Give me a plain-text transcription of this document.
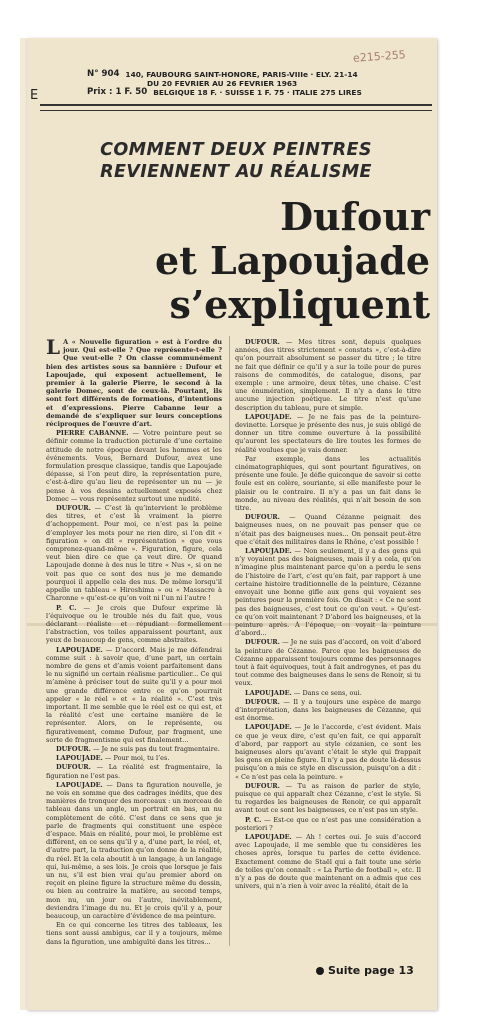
E
e215-255
N° 904 140, FAUBOURG SAINT-HONORE, PARIS-VIIIe · ELY. 21-14
DU 20 FEVRIER AU 26 FEVRIER 1963
Prix : 1 F. 50 BELGIQUE 18 F. · SUISSE 1 F. 75 · ITALIE 275 LIRES
COMMENT DEUX PEINTRES
REVIENNENT AU RÉALISME
Dufour
et Lapoujade
s’expliquent

L A « Nouvelle figuration » est à l’ordre du jour. Qui est-elle ? Que représente-t-elle ? Que veut-elle ? On classe communément bien des artistes sous sa bannière : Dufour et Lapoujade, qui exposent actuellement, le premier à la galerie Pierre, le second à la galerie Domec, sont de ceux-là. Pourtant, ils sont fort différents de formations, d’intentions et d’expressions. Pierre Cabanne leur a demandé de s’expliquer sur leurs conceptions réciproques de l’œuvre d’art.

PIERRE CABANNE. — Votre peinture peut se définir comme la traduction picturale d’une certaine attitude de notre époque devant les hommes et les événements. Vous, Bernard Dufour, avez une formulation presque classique, tandis que Lapoujade dépasse, si l’on peut dire, la représentation pure, c’est-à-dire qu’au lieu de représenter un nu — je pense à vos dessins actuellement exposés chez Domec — vous représentez surtout une nudité.

DUFOUR. — C’est là qu’intervient le problème des titres, et c’est là vraiment la pierre d’achoppement. Pour moi, ce n’est pas la peine d’employer les mots pour ne rien dire, si l’on dit « figuration » on dit « représentation » que vous comprenez-quand-même ». Figuration, figure, cela veut bien dire ce que ça veut dire. Or quand Lapoujade donne à des nus le titre « Nus », si on ne voit pas que ce sont des nus je me demande pourquoi il appelle cela des nus. De même lorsqu’il appelle un tableau « Hiroshima » ou « Massacre à Charonne » qu’est-ce qu’on voit ni l’un ni l’autre !

P. C. — Je crois que Dufour exprime là l’équivoque ou le trouble nés du fait que, vous déclarant réaliste et répudiant formellement l’abstraction, vos toiles apparaissent pourtant, aux yeux de beaucoup de gens, comme abstraites.

LAPOUJADE. — D’accord. Mais je me défendrai comme suit : à savoir que, d’une part, un certain nombre de gens et d’amis voient parfaitement dans le nu signifié un certain réalisme particulier... Ce qui m’amène à préciser tout de suite qu’il y a pour moi une grande différence entre ce qu’on pourrait appeler « le réel » et « la réalité ». C’est très important. Il me semble que le réel est ce qui est, et la réalité c’est une certaine manière de le représenter. Alors, on le représente, ou figurativement, comme Dufour, par fragment, une sorte de fragmentisme qui est finalement...

DUFOUR. — Je ne suis pas du tout fragmentaire.

LAPOUJADE. — Pour moi, tu l’es.

DUFOUR. — La réalité est fragmentaire, la figuration ne l’est pas.

LAPOUJADE. — Dans ta figuration nouvelle, je ne vois en somme que des cadrages inédits, que des manières de tronquer des morceaux : un morceau de tableau dans un angle, un portrait en bas, un nu complètement de côté. C’est dans ce sens que je parle de fragments qui constituent une espèce d’espace. Mais en réalité, pour moi, le problème est différent, en ce sens qu’il y a, d’une part, le réel, et, d’autre part, la traduction qu’on donne de la réalité, du réel. Et la cela aboutit à un langage, à un langage qui, lui-même, a ses lois. Je crois que lorsque je fais un nu, s’il est bien vrai qu’au premier abord on reçoit en pleine figure la structure même du dessin, ou bien au contraire la matière, au second temps, mon nu, un jour ou l’autre, inévitablement, deviendra l’image du nu. Et je crois qu’il y a, pour beaucoup, un caractère d’évidence de ma peinture.

En ce qui concerne les titres des tableaux, les tiens sont aussi ambigus, car il y a toujours, même dans la figuration, une ambiguïté dans les titres...

DUFOUR. — Mes titres sont, depuis quelques années, des titres strictement « constats », c’est-à-dire qu’on pourrait absolument se passer du titre ; le titre ne fait que définir ce qu’il y a sur la toile pour de pures raisons de commodités, de catalogue, disons, par exemple : une armoire, deux têtes, une chaise. C’est une énumération, simplement. Il n’y a dans le titre aucune injection poétique. Le titre n’est qu’une description du tableau, pure et simple.

LAPOUJADE. — Je ne fais pas de la peinture-devinette. Lorsque je présente des nus, je suis obligé de donner un titre comme ouverture à la possibilité qu’auront les spectateurs de lire toutes les formes de réalité voulues que je vais donner.

Par exemple, dans les actualités cinématographiques, qui sont pourtant figuratives, on présente une foule. Je défie quiconque de savoir si cette foule est en colère, souriante, si elle manifeste pour le plaisir ou le contraire. Il n’y a pas un fait dans le monde, au niveau des réalités, qui n’ait besoin de son titre.

DUFOUR. — Quand Cézanne peignait des baigneuses nues, on ne pouvait pas penser que ce n’était pas des baigneuses nues... On pensait peut-être que c’était des militaires dans le Rhône, c’est possible !

LAPOUJADE. — Non seulement, il y a des gens qui n’y voyaient pas des baigneuses, mais il y a cela, qu’on n’imagine plus maintenant parce qu’on a perdu le sens de l’histoire de l’art, c’est qu’en fait, par rapport à une certaine histoire traditionnelle de la peinture, Cézanne envoyait une bonne gifle aux gens qui voyaient ses peintures pour la première fois. On disait : « Ce ne sont pas des baigneuses, c’est tout ce qu’on veut. » Qu’est-ce qu’on voit maintenant ? D’abord les baigneuses, et la peinture après. À l’époque, on voyait la peinture d’abord...

DUFOUR. — Je ne suis pas d’accord, on voit d’abord la peinture de Cézanne. Parce que les baigneuses de Cézanne apparaissent toujours comme des personnages tout à fait équivoques, tout à fait androgynes, et pas du tout comme des baigneuses dans le sens de Renoir, si tu veux.

LAPOUJADE. — Dans ce sens, oui.

DUFOUR. — Il y a toujours une espèce de marge d’interprétation, dans les baigneuses de Cézanne, qui est énorme.

LAPOUJADE. — Je le l’accorde, c’est évident. Mais ce que je veux dire, c’est qu’en fait, ce qui apparaît d’abord, par rapport au style cézanien, ce sont les baigneuses alors qu’avant c’était le style qui frappait les gens en pleine figure. Il n’y a pas de doute là-dessus puisqu’on a mis ce style en discussion, puisqu’on a dit : « Ce n’est pas cela la peinture. »

DUFOUR. — Tu as raison de parler de style, puisque ce qui apparaît chez Cézanne, c’est le style. Si tu regardes les baigneuses de Renoir, ce qui apparaît avant tout ce sont les baigneuses, ce n’est pas un style.

P. C. — Est-ce que ce n’est pas une considération a posteriori ?

LAPOUJADE. — Ah ! certes oui. Je suis d’accord avec Lapoujade, il me semble que tu considères les choses après, lorsque tu parles de cette évidence. Exactement comme de Staël qui a fait toute une série de toiles qu’on connaît : « La Partie de football », etc. Il n’y a pas de doute que maintenant on a admis que ces univers, qui n’a rien à voir avec la réalité, était de la

Suite page 13
